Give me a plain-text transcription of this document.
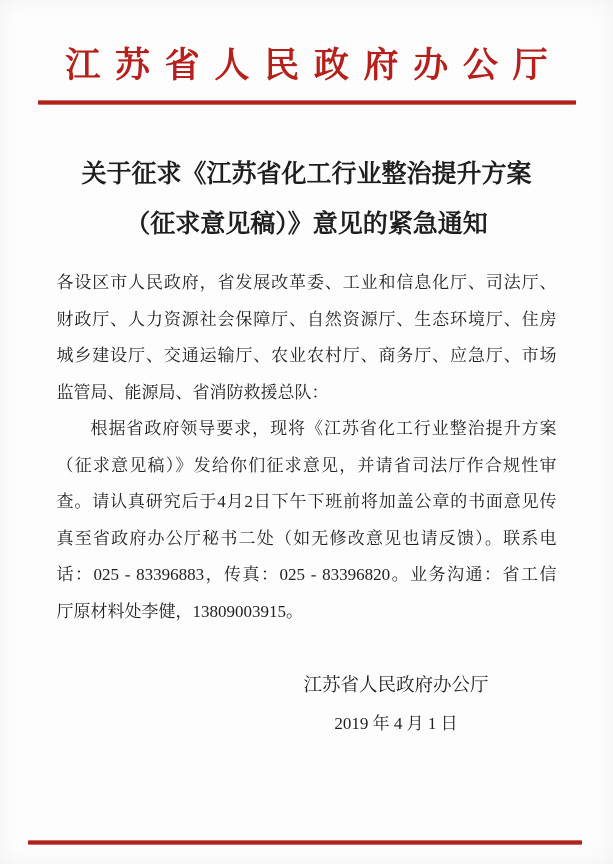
江苏省人民政府办公厅
关于征求《江苏省化工行业整治提升方案
（征求意见稿）》意见的紧急通知
各设区市人民政府，省发展改革委、工业和信息化厅、司法厅、
财政厅、人力资源社会保障厅、自然资源厅、生态环境厅、住房
城乡建设厅、交通运输厅、农业农村厅、商务厅、应急厅、市场
监管局、能源局、省消防救援总队：
根据省政府领导要求，现将《江苏省化工行业整治提升方案
（征求意见稿）》发给你们征求意见，并请省司法厅作合规性审
查。请认真研究后于4月2日下午下班前将加盖公章的书面意见传
真至省政府办公厅秘书二处（如无修改意见也请反馈）。联系电
话：025 - 83396883，传真：025 - 83396820。业务沟通：省工信
厅原材料处李健，13809003915。
江苏省人民政府办公厅
2019 年 4 月 1 日
